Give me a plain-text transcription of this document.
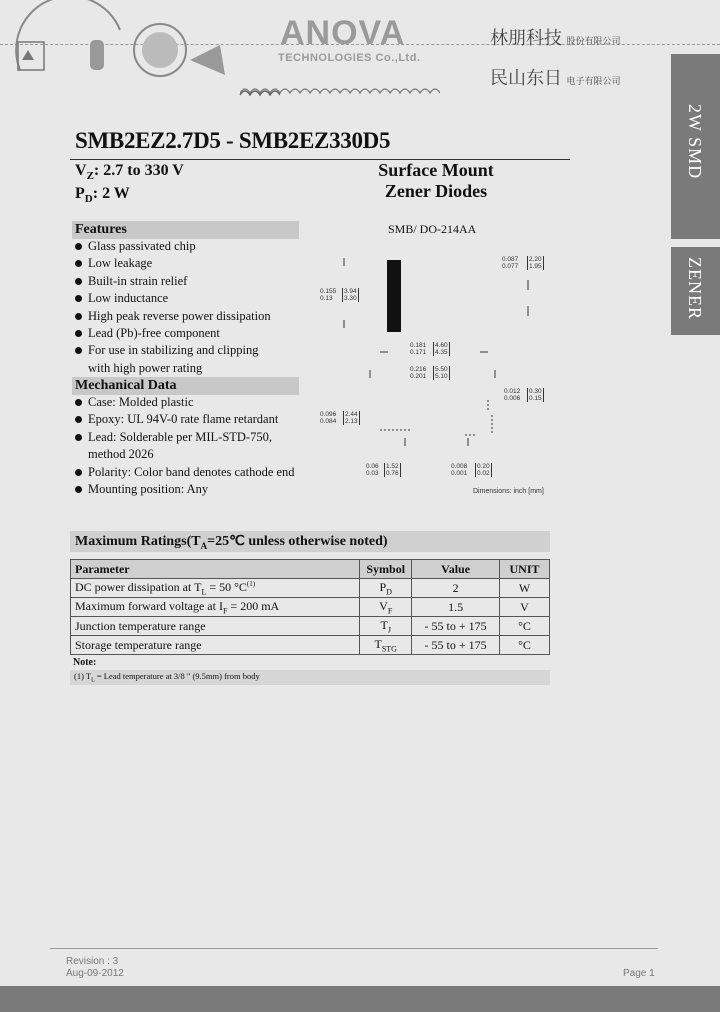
ANOVA
TECHNOLOGIES Co.,Ltd.
林朋科技 股份有限公司
民山东日 电子有限公司
2W SMD
ZENER
SMB2EZ2.7D5 - SMB2EZ330D5
$V_Z$: 2.7 to 330 V
$P_D$: 2 W
Surface Mount
Zener Diodes
Features
Glass passivated chip
Low leakage
Built-in strain relief
Low inductance
High peak reverse power dissipation
Lead (Pb)-free component
For use in stabilizing and clipping
with high power rating
Mechanical Data
Case: Molded plastic
Epoxy: UL 94V-0 rate flame retardant
Lead: Solderable per MIL-STD-750,
method 2026
Polarity: Color band denotes cathode end
Mounting position: Any
SMB/ DO-214AA
0.087
0.077
2.20
1.95
0.155
0.13
3.94
3.30
0.181
0.171
4.60
4.35
0.216
0.201
5.50
5.10
0.012
0.006
0.30
0.15
0.096
0.084
2.44
2.13
0.06
0.03
1.52
0.76
0.008
0.001
0.20
0.02
Dimensions: inch [mm]
Maximum $Ratings(T_A=25℃$ unless otherwise noted)
Parameter	Symbol	Value	UNIT
DC power dissipation at $T_L = 50$ $^\circ C^{(1)}$	$P_D$	2	W
Maximum forward voltage at $I_F = 200$ mA	$V_F$	1.5	V
Junction temperature range	$T_J$	- 55 to + 175	°C
Storage temperature range	$T_{STG}$	- 55 to + 175	°C
Note:
(1) $T_L$ = Lead temperature at 3/8 " (9.5mm) from body
Revision : 3
Aug-09-2012	Page 1
